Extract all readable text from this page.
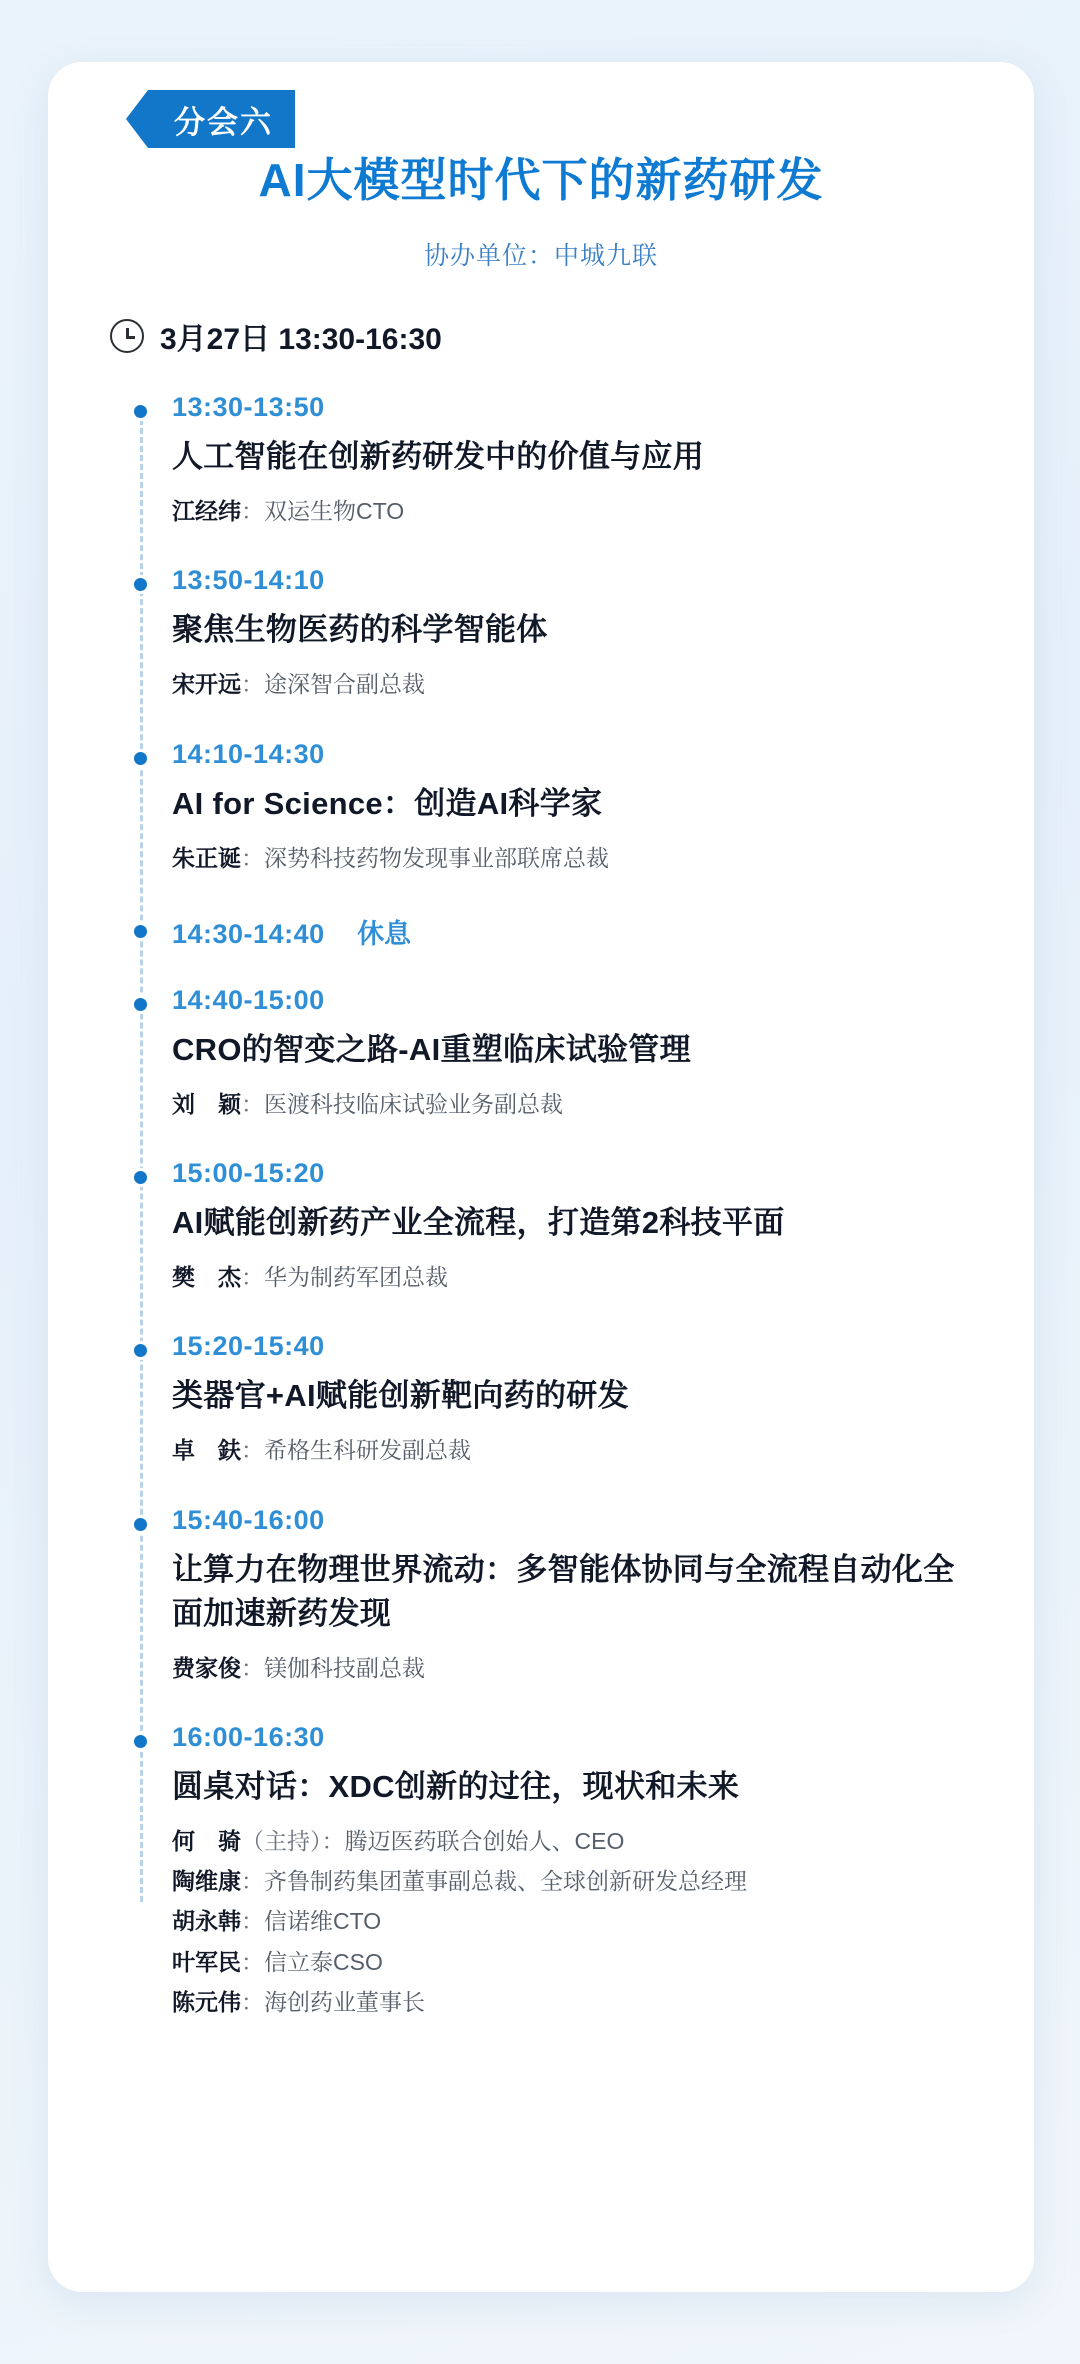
分会六
AI大模型时代下的新药研发
协办单位：中城九联
3月27日 13:30-16:30
13:30-13:50
人工智能在创新药研发中的价值与应用
江经纬：双运生物CTO
13:50-14:10
聚焦生物医药的科学智能体
宋开远：途深智合副总裁
14:10-14:30
AI for Science：创造AI科学家
朱正诞：深势科技药物发现事业部联席总裁
14:30-14:40 休息
14:40-15:00
CRO的智变之路-AI重塑临床试验管理
刘　颖：医渡科技临床试验业务副总裁
15:00-15:20
AI赋能创新药产业全流程，打造第2科技平面
樊　杰：华为制药军团总裁
15:20-15:40
类器官+AI赋能创新靶向药的研发
卓　鈇：希格生科研发副总裁
15:40-16:00
让算力在物理世界流动：多智能体协同与全流程自动化全面加速新药发现
费家俊：镁伽科技副总裁
16:00-16:30
圆桌对话：XDC创新的过往，现状和未来
何　骑（主持）：腾迈医药联合创始人、CEO
陶维康：齐鲁制药集团董事副总裁、全球创新研发总经理
胡永韩：信诺维CTO
叶军民：信立泰CSO
陈元伟：海创药业董事长
